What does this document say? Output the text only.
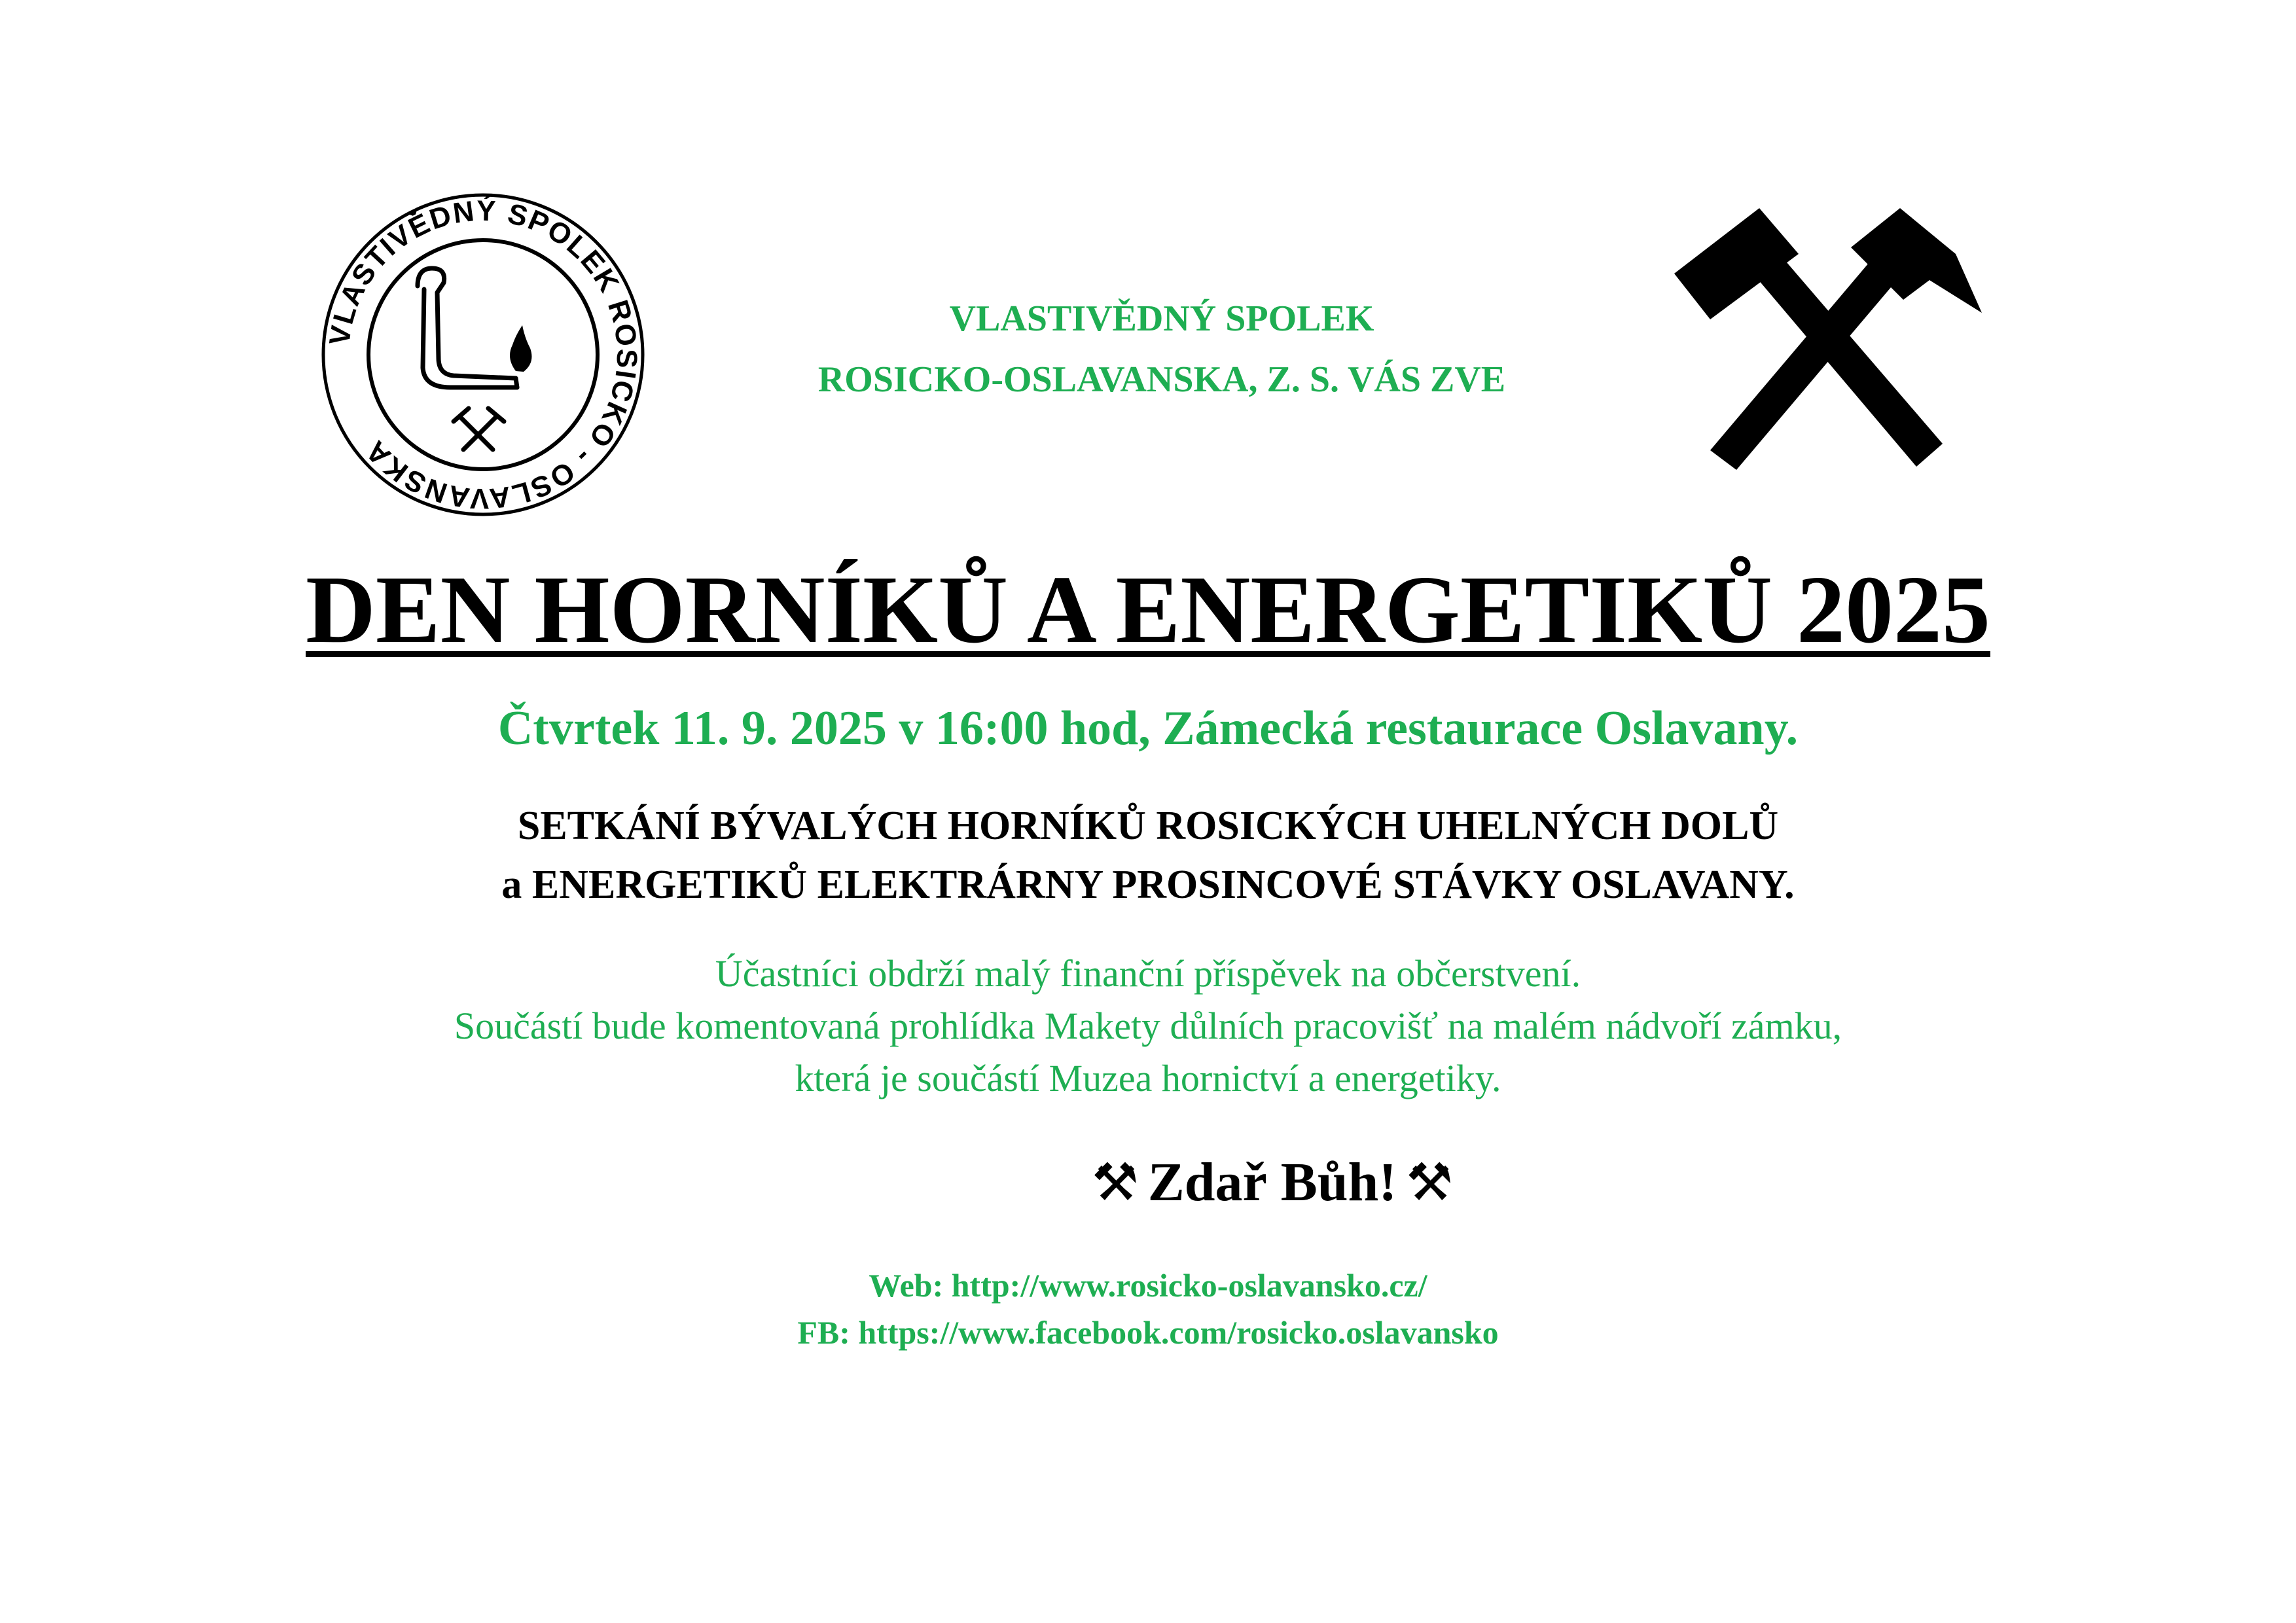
VLASTIVĚDNÝ SPOLEK ROSICKO - OSLAVANSKA
VLASTIVĚDNÝ SPOLEK
ROSICKO-OSLAVANSKA, Z. S. VÁS ZVE
DEN HORNÍKŮ A ENERGETIKŮ 2025
Čtvrtek 11. 9. 2025 v 16:00 hod, Zámecká restaurace Oslavany.
SETKÁNÍ BÝVALÝCH HORNÍKŮ ROSICKÝCH UHELNÝCH DOLŮ
a ENERGETIKŮ ELEKTRÁRNY PROSINCOVÉ STÁVKY OSLAVANY.
Účastníci obdrží malý finanční příspěvek na občerstvení.
Součástí bude komentovaná prohlídka Makety důlních pracovišť na malém nádvoří zámku,
která je součástí Muzea hornictví a energetiky.
⚒ Zdař Bůh! ⚒
Web: http://www.rosicko-oslavansko.cz/
FB: https://www.facebook.com/rosicko.oslavansko
